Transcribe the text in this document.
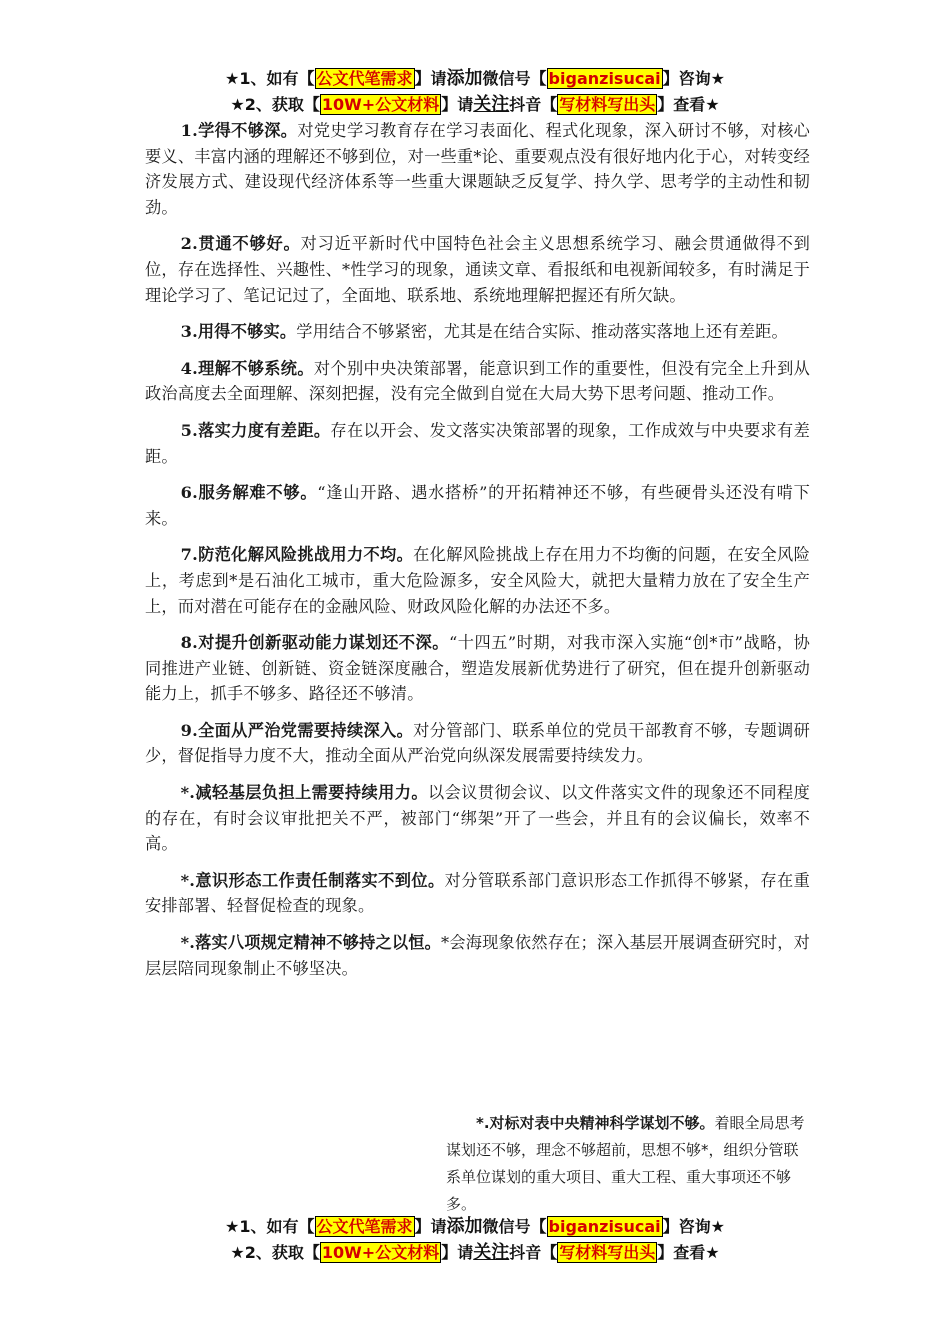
★1、如有【 公文代笔需求 】请添加微信号【 biganzisucai 】咨询★
★2、获取【 10W+公文材料 】请关注抖音【 写材料写出头 】查看★

1.学得不够深。对党史学习教育存在学习表面化、程式化现象，深入研讨不够，对核心要义、丰富内涵的理解还不够到位，对一些重*论、重要观点没有很好地内化于心，对转变经济发展方式、建设现代经济体系等一些重大课题缺乏反复学、持久学、思考学的主动性和韧劲。

2.贯通不够好。对习近平新时代中国特色社会主义思想系统学习、融会贯通做得不到位，存在选择性、兴趣性、*性学习的现象，通读文章、看报纸和电视新闻较多，有时满足于理论学习了、笔记记过了，全面地、联系地、系统地理解把握还有所欠缺。

3.用得不够实。学用结合不够紧密，尤其是在结合实际、推动落实落地上还有差距。

4.理解不够系统。对个别中央决策部署，能意识到工作的重要性，但没有完全上升到从政治高度去全面理解、深刻把握，没有完全做到自觉在大局大势下思考问题、推动工作。

5.落实力度有差距。存在以开会、发文落实决策部署的现象，工作成效与中央要求有差距。

6.服务解难不够。“逢山开路、遇水搭桥”的开拓精神还不够，有些硬骨头还没有啃下来。

7.防范化解风险挑战用力不均。在化解风险挑战上存在用力不均衡的问题，在安全风险上，考虑到*是石油化工城市，重大危险源多，安全风险大，就把大量精力放在了安全生产上，而对潜在可能存在的金融风险、财政风险化解的办法还不多。

8.对提升创新驱动能力谋划还不深。“十四五”时期，对我市深入实施“创*市”战略，协同推进产业链、创新链、资金链深度融合，塑造发展新优势进行了研究，但在提升创新驱动能力上，抓手不够多、路径还不够清。

9.全面从严治党需要持续深入。对分管部门、联系单位的党员干部教育不够，专题调研少，督促指导力度不大，推动全面从严治党向纵深发展需要持续发力。

*.减轻基层负担上需要持续用力。以会议贯彻会议、以文件落实文件的现象还不同程度的存在，有时会议审批把关不严，被部门“绑架”开了一些会，并且有的会议偏长，效率不高。

*.意识形态工作责任制落实不到位。对分管联系部门意识形态工作抓得不够紧，存在重安排部署、轻督促检查的现象。

*.落实八项规定精神不够持之以恒。*会海现象依然存在；深入基层开展调查研究时，对层层陪同现象制止不够坚决。

*.对标对表中央精神科学谋划不够。着眼全局思考谋划还不够，理念不够超前，思想不够*，组织分管联系单位谋划的重大项目、重大工程、重大事项还不够多。

★1、如有【 公文代笔需求 】请添加微信号【 biganzisucai 】咨询★
★2、获取【 10W+公文材料 】请关注抖音【 写材料写出头 】查看★
